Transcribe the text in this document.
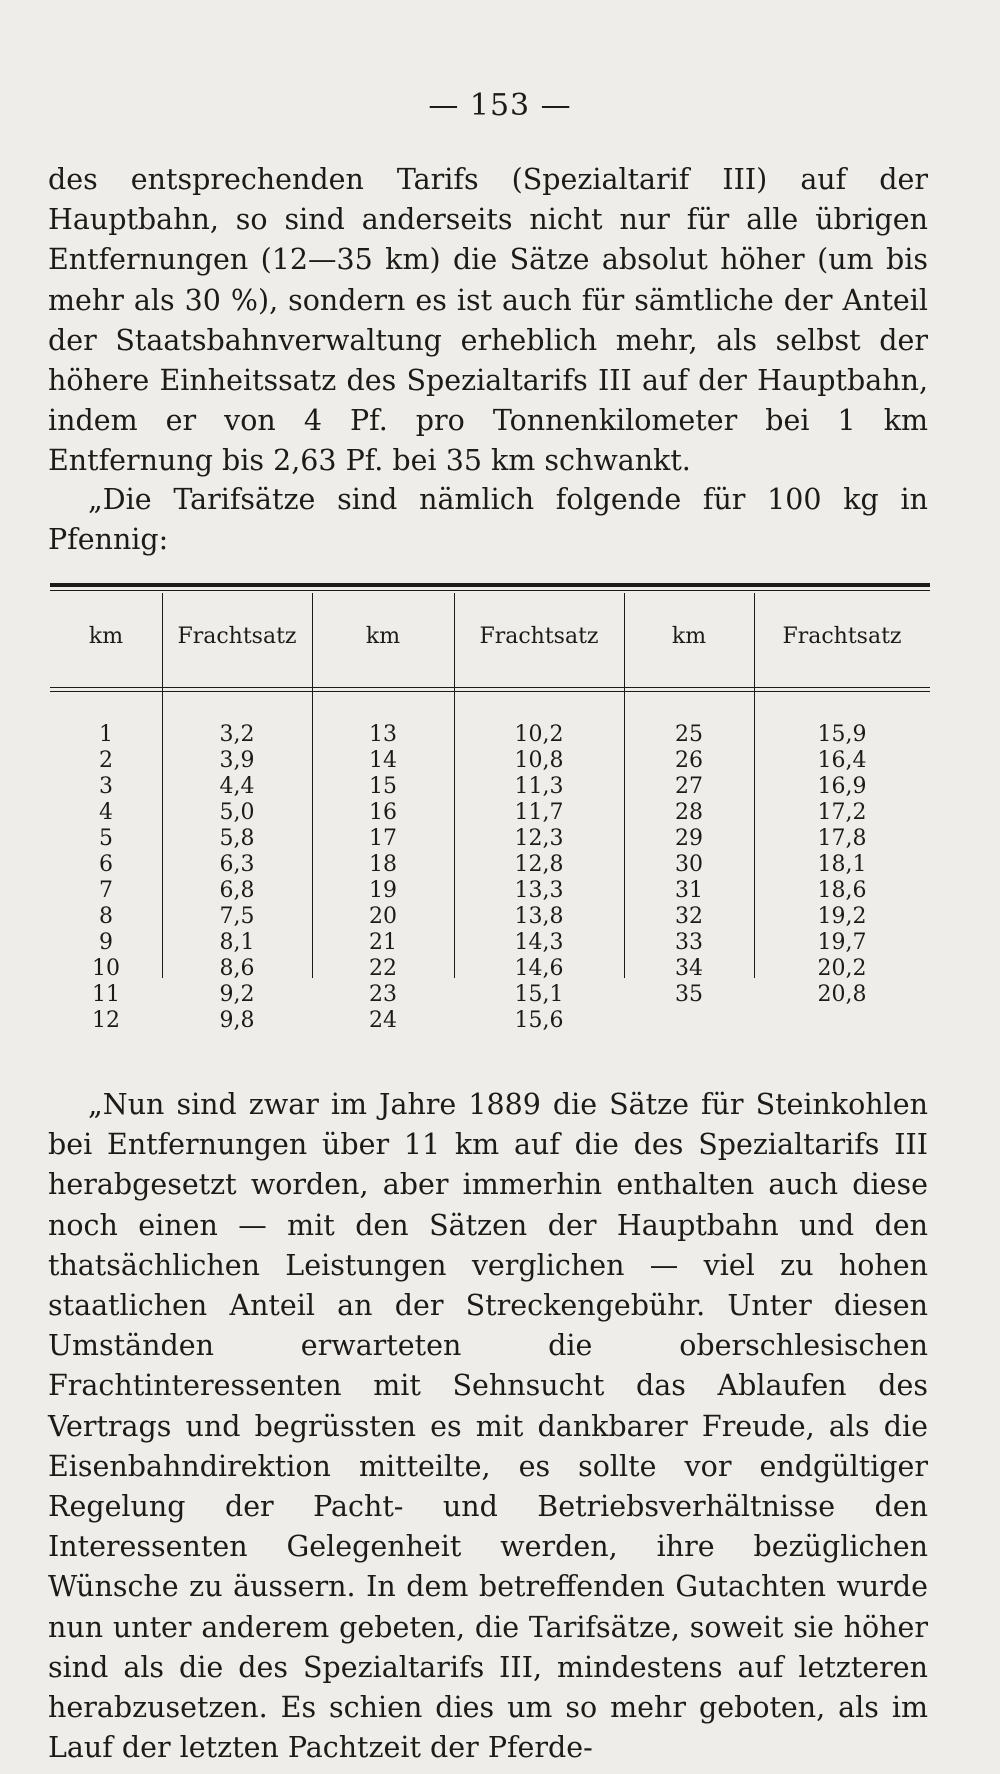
— 153 —
des entsprechenden Tarifs (Spezialtarif III) auf der Hauptbahn, so sind anderseits nicht nur für alle übrigen Entfernungen (12—35 km) die Sätze absolut höher (um bis mehr als 30 %), sondern es ist auch für sämtliche der Anteil der Staatsbahnverwaltung erheblich mehr, als selbst der höhere Einheitssatz des Spezialtarifs III auf der Hauptbahn, indem er von 4 Pf. pro Tonnenkilometer bei 1 km Entfernung bis 2,63 Pf. bei 35 km schwankt.
„Die Tarifsätze sind nämlich folgende für 100 kg in Pfennig:
km	Frachtsatz	km	Frachtsatz	km	Frachtsatz
1	3,2	13	10,2	25	15,9
2	3,9	14	10,8	26	16,4
3	4,4	15	11,3	27	16,9
4	5,0	16	11,7	28	17,2
5	5,8	17	12,3	29	17,8
6	6,3	18	12,8	30	18,1
7	6,8	19	13,3	31	18,6
8	7,5	20	13,8	32	19,2
9	8,1	21	14,3	33	19,7
10	8,6	22	14,6	34	20,2
11	9,2	23	15,1	35	20,8
12	9,8	24	15,6
„Nun sind zwar im Jahre 1889 die Sätze für Steinkohlen bei Entfernungen über 11 km auf die des Spezialtarifs III herabgesetzt worden, aber immerhin enthalten auch diese noch einen — mit den Sätzen der Hauptbahn und den thatsächlichen Leistungen verglichen — viel zu hohen staatlichen Anteil an der Streckengebühr. Unter diesen Umständen erwarteten die oberschlesischen Frachtinteressenten mit Sehnsucht das Ablaufen des Vertrags und begrüssten es mit dankbarer Freude, als die Eisenbahndirektion mitteilte, es sollte vor endgültiger Regelung der Pacht- und Betriebsverhältnisse den Interessenten Gelegenheit werden, ihre bezüglichen Wünsche zu äussern. In dem betreffenden Gutachten wurde nun unter anderem gebeten, die Tarifsätze, soweit sie höher sind als die des Spezialtarifs III, mindestens auf letzteren herabzusetzen. Es schien dies um so mehr geboten, als im Lauf der letzten Pachtzeit der Pferde-
